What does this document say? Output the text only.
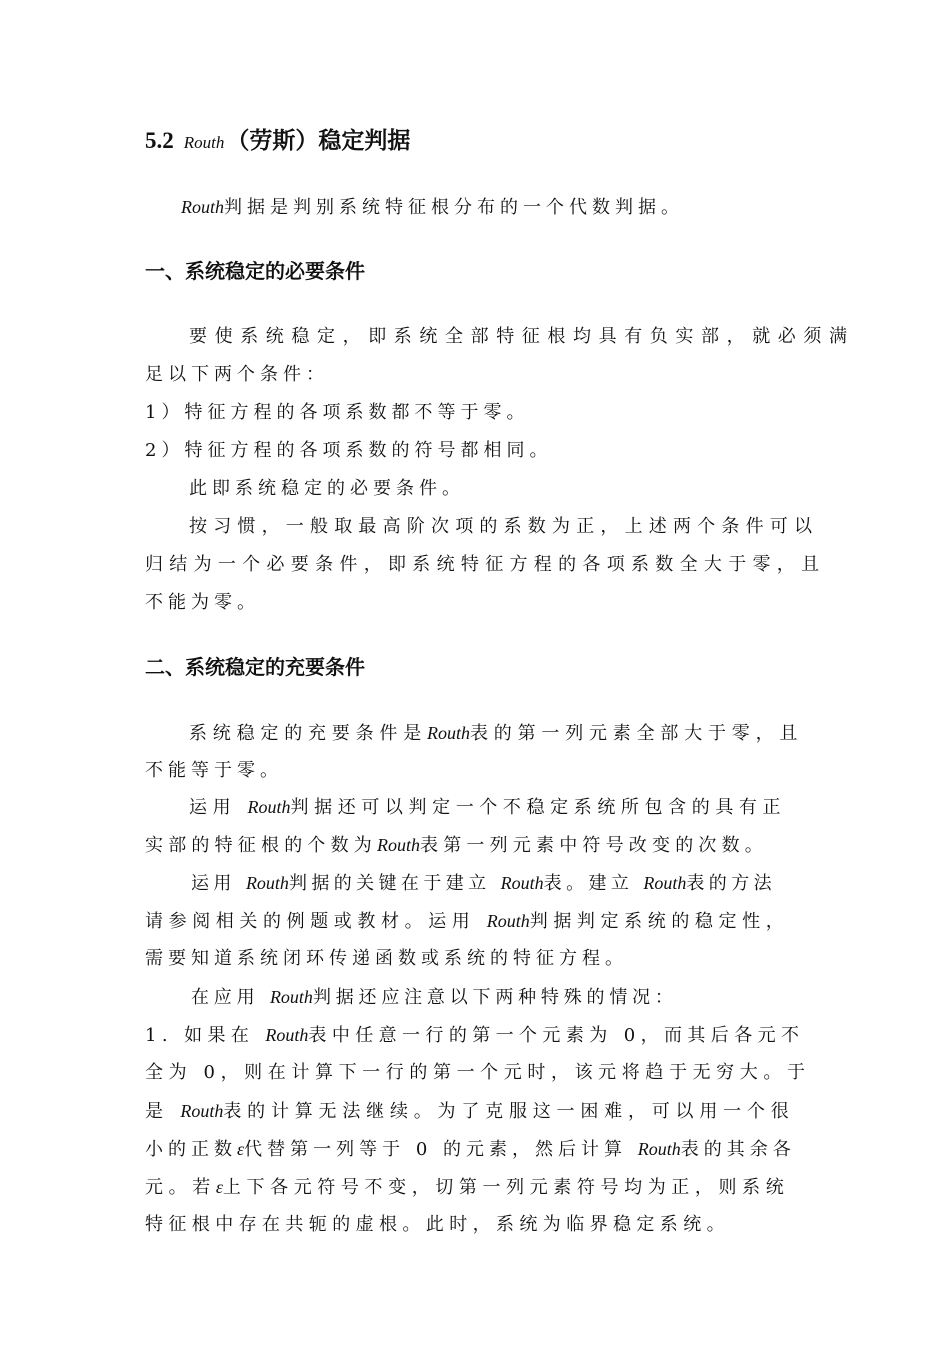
5.2 Routh（劳斯）稳定判据
Routh判据是判别系统特征根分布的一个代数判据。
一、系统稳定的必要条件
要使系统稳定，即系统全部特征根均具有负实部，就必须满
足以下两个条件：
1）特征方程的各项系数都不等于零。
2）特征方程的各项系数的符号都相同。
此即系统稳定的必要条件。
按习惯，一般取最高阶次项的系数为正，上述两个条件可以
归结为一个必要条件，即系统特征方程的各项系数全大于零，且
不能为零。
二、系统稳定的充要条件
系统稳定的充要条件是Routh表的第一列元素全部大于零，且
不能等于零。
运用 Routh判据还可以判定一个不稳定系统所包含的具有正
实部的特征根的个数为Routh表第一列元素中符号改变的次数。
运用 Routh判据的关键在于建立 Routh表。建立 Routh表的方法
请参阅相关的例题或教材。运用 Routh判据判定系统的稳定性，
需要知道系统闭环传递函数或系统的特征方程。
在应用 Routh判据还应注意以下两种特殊的情况：
1. 如果在 Routh表中任意一行的第一个元素为 0，而其后各元不
全为 0，则在计算下一行的第一个元时，该元将趋于无穷大。于
是 Routh表的计算无法继续。为了克服这一困难，可以用一个很
小的正数ε代替第一列等于 0 的元素，然后计算 Routh表的其余各
元。若ε上下各元符号不变，切第一列元素符号均为正，则系统
特征根中存在共轭的虚根。此时，系统为临界稳定系统。
